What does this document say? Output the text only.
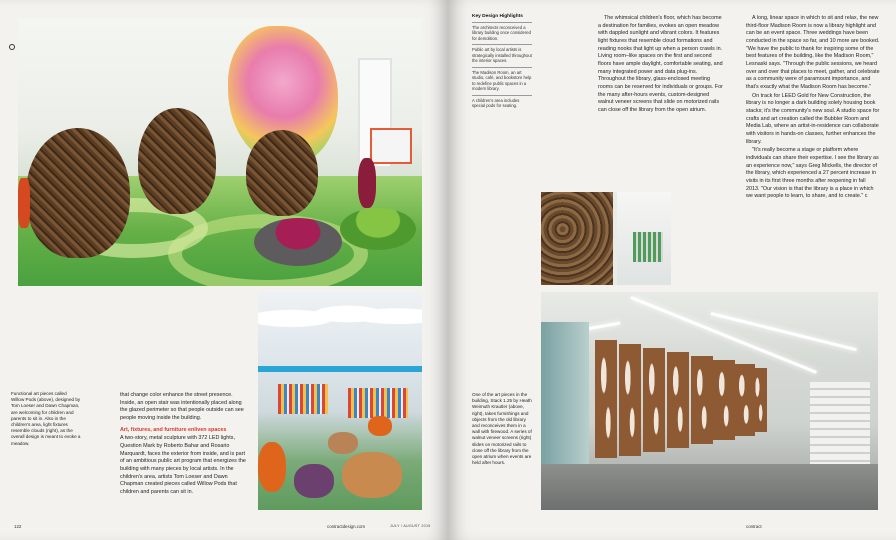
Functional art pieces called Willow Pods (above), designed by Tom Loeser and Dawn Chapman, are welcoming for children and parents to sit in. Also in the children's area, light fixtures resemble clouds (right), as the overall design is meant to evoke a meadow.

that change color enhance the street presence. Inside, an open stair was intentionally placed along the glazed perimeter so that people outside can see people moving inside the building.

Art, fixtures, and furniture enliven spaces

A two-story, metal sculpture with 372 LED lights, Question Mark by Roberto Bahar and Rosario Marquardt, faces the exterior from inside, and is part of an ambitious public art program that energizes the building with many pieces by local artists. In the children's area, artists Tom Loeser and Dawn Chapman created pieces called Willow Pods that children and parents can sit in.

122	contractdesign.com	JULY / AUGUST 2015
Key Design Highlights
The architects reconceived a library building once considered for demolition.
Public art by local artists is strategically installed throughout the interior spaces.
The Madison Room, an art studio, café, and bookstore help to redefine public spaces in a modern library.
A children's area includes special pods for seating.

The whimsical children's floor, which has become a destination for families, evokes an open meadow with dappled sunlight and vibrant colors. It features light fixtures that resemble cloud formations and reading nooks that light up when a person crawls in. Living room–like spaces on the first and second floors have ample daylight, comfortable seating, and many integrated power and data plug-ins. Throughout the library, glass-enclosed meeting rooms can be reserved for individuals or groups. For the many after-hours events, custom-designed walnut veneer screens that slide on motorized rails can close off the library from the open atrium.

A long, linear space in which to sit and relax, the new third-floor Madison Room is now a library highlight and can be an event space. Three weddings have been conducted in the space so far, and 10 more are booked. "We have the public to thank for inspiring some of the best features of the building, like the Madison Room," Lesnaski says. "Through the public sessions, we heard over and over that places to meet, gather, and celebrate as a community were of paramount importance, and that's exactly what the Madison Room has become."

On track for LEED Gold for New Construction, the library is no longer a dark building solely housing book stacks; it's the community's new soul. A studio space for crafts and art creation called the Bubbler Room and Media Lab, where an artist-in-residence can collaborate with visitors in hands-on classes, further enhances the library.

"It's really become a stage or platform where individuals can share their expertise. I see the library as an experience now," says Greg Mickells, the director of the library, which experienced a 27 percent increase in visits in its first three months after reopening in fall 2013. "Our vision is that the library is a place in which we want people to learn, to share, and to create." c

One of the art pieces in the building, Stack 1.25 by Heath Weimuth Krautler (above, right), takes furnishings and objects from the old library and reconceives them in a wall with firewood. A series of walnut veneer screens (right) slides on motorized rails to close off the library from the open atrium when events are held after hours.
contract
